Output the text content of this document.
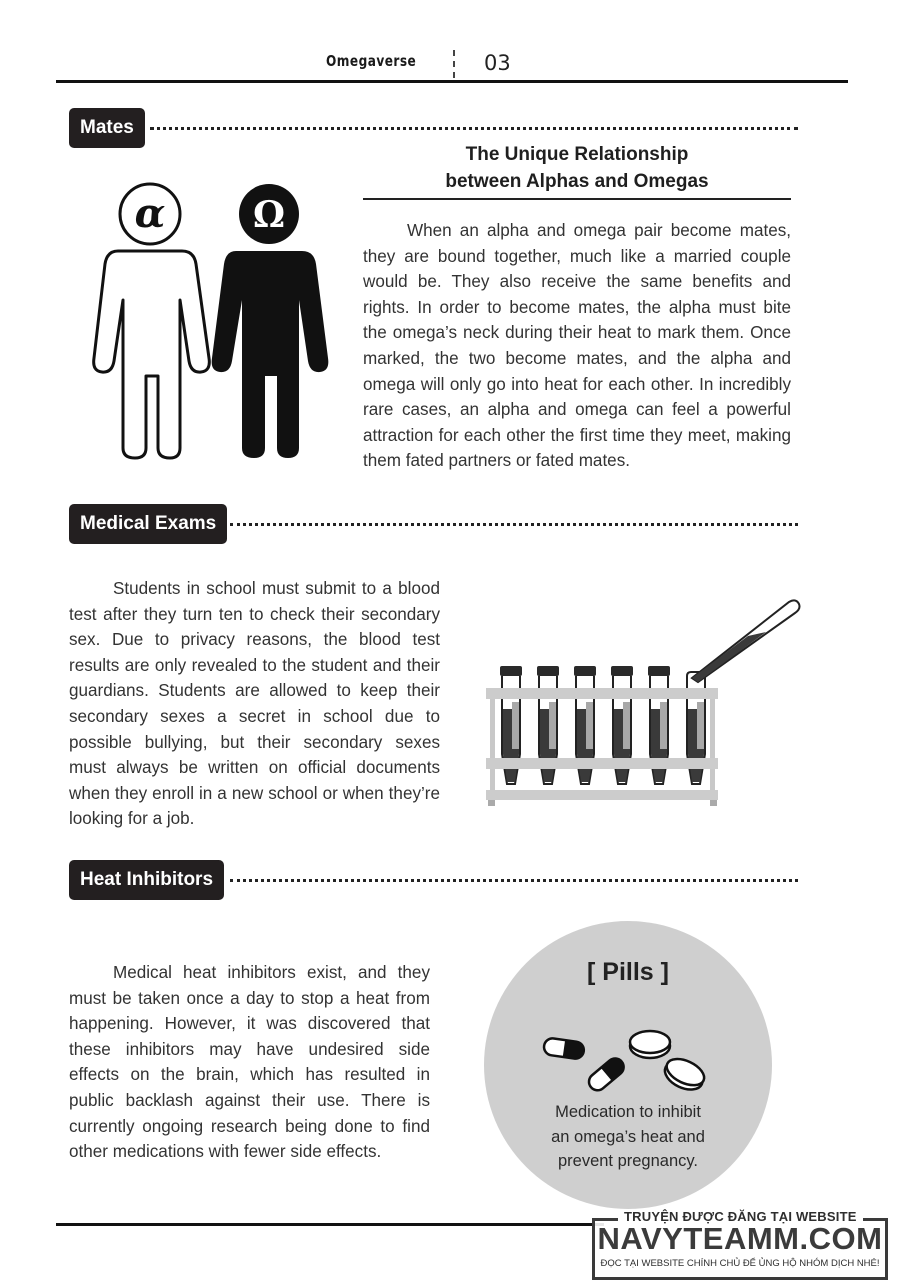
Omegaverse	03
Mates
α Ω
The Unique Relationship
between Alphas and Omegas
When an alpha and omega pair become mates, they are bound together, much like a married couple would be. They also receive the same benefits and rights. In order to become mates, the alpha must bite the omega’s neck during their heat to mark them. Once marked, the two become mates, and the alpha and omega will only go into heat for each other. In incredibly rare cases, an alpha and omega can feel a powerful attraction for each other the first time they meet, making them fated partners or fated mates.
Medical Exams
Students in school must submit to a blood test after they turn ten to check their secondary sex. Due to privacy reasons, the blood test results are only revealed to the student and their guardians. Students are allowed to keep their secondary sexes a secret in school due to possible bullying, but their secondary sexes must always be written on official documents when they enroll in a new school or when they’re looking for a job.
Heat Inhibitors
Medical heat inhibitors exist, and they must be taken once a day to stop a heat from happening. However, it was discovered that these inhibitors may have undesired side effects on the brain, which has resulted in public backlash against their use. There is currently ongoing research being done to find other medications with fewer side effects.
[ Pills ]
Medication to inhibit
an omega’s heat and
prevent pregnancy.
TRUYỆN ĐƯỢC ĐĂNG TẠI WEBSITE
NAVYTEAMM.COM
ĐỌC TẠI WEBSITE CHÍNH CHỦ ĐỂ ỦNG HỘ NHÓM DỊCH NHÉ!
